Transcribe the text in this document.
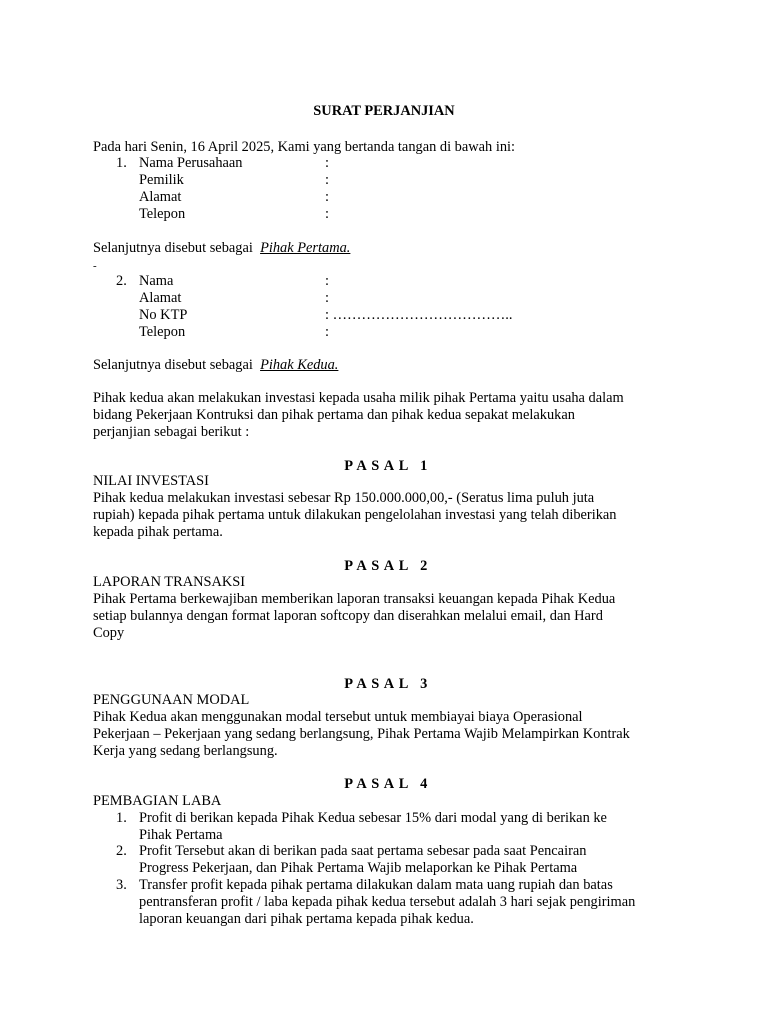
SURAT PERJANJIAN

Pada hari Senin, 16 April 2025, Kami yang bertanda tangan di bawah ini:

1. Nama Perusahaan	:
Pemilik	:
Alamat	:
Telepon	:

Selanjutnya disebut sebagai Pihak Pertama.

-
2. Nama	:
Alamat	:
No KTP	: ………………………………..
Telepon	:

Selanjutnya disebut sebagai Pihak Kedua.

Pihak kedua akan melakukan investasi kepada usaha milik pihak Pertama yaitu usaha dalam

bidang Pekerjaan Kontruksi dan pihak pertama dan pihak kedua sepakat melakukan

perjanjian sebagai berikut :

PASAL 1

NILAI INVESTASI

Pihak kedua melakukan investasi sebesar Rp 150.000.000,00,- (Seratus lima puluh juta

rupiah) kepada pihak pertama untuk dilakukan pengelolahan investasi yang telah diberikan

kepada pihak pertama.

PASAL 2

LAPORAN TRANSAKSI

Pihak Pertama berkewajiban memberikan laporan transaksi keuangan kepada Pihak Kedua

setiap bulannya dengan format laporan softcopy dan diserahkan melalui email, dan Hard

Copy

PASAL 3

PENGGUNAAN MODAL

Pihak Kedua akan menggunakan modal tersebut untuk membiayai biaya Operasional

Pekerjaan – Pekerjaan yang sedang berlangsung, Pihak Pertama Wajib Melampirkan Kontrak

Kerja yang sedang berlangsung.

PASAL 4

PEMBAGIAN LABA

1. Profit di berikan kepada Pihak Kedua sebesar 15% dari modal yang di berikan ke

Pihak Pertama

2. Profit Tersebut akan di berikan pada saat pertama sebesar pada saat Pencairan

Progress Pekerjaan, dan Pihak Pertama Wajib melaporkan ke Pihak Pertama

3. Transfer profit kepada pihak pertama dilakukan dalam mata uang rupiah dan batas

pentransferan profit / laba kepada pihak kedua tersebut adalah 3 hari sejak pengiriman

laporan keuangan dari pihak pertama kepada pihak kedua.
